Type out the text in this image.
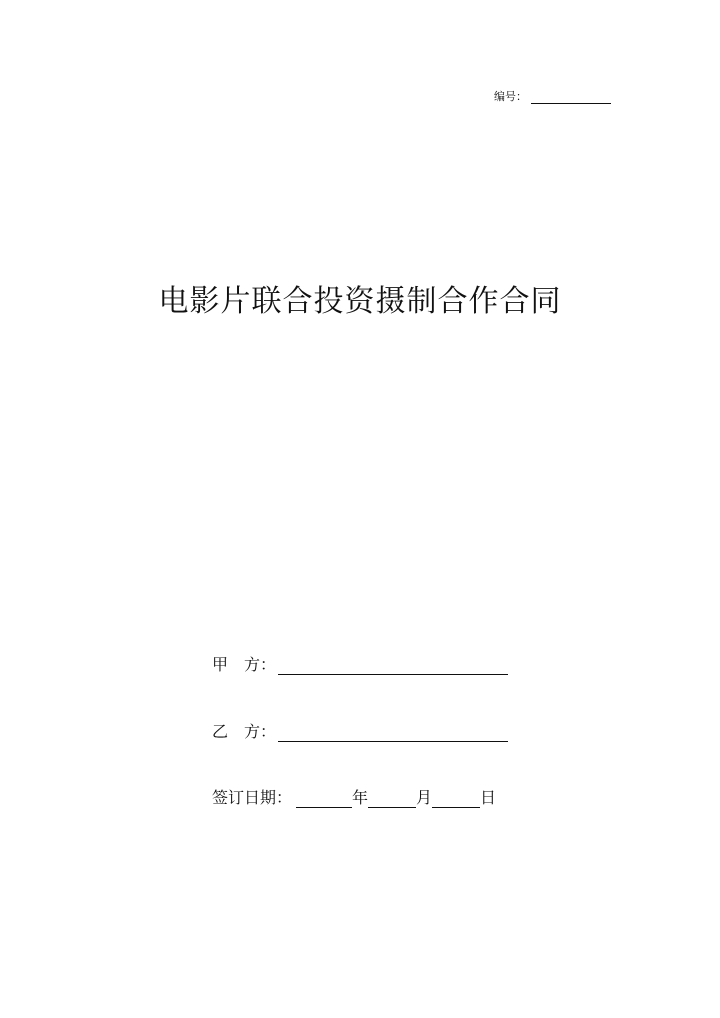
编号：
电影片联合投资摄制合作合同
甲　方：
乙　方：
签订日期：	年	月	日
